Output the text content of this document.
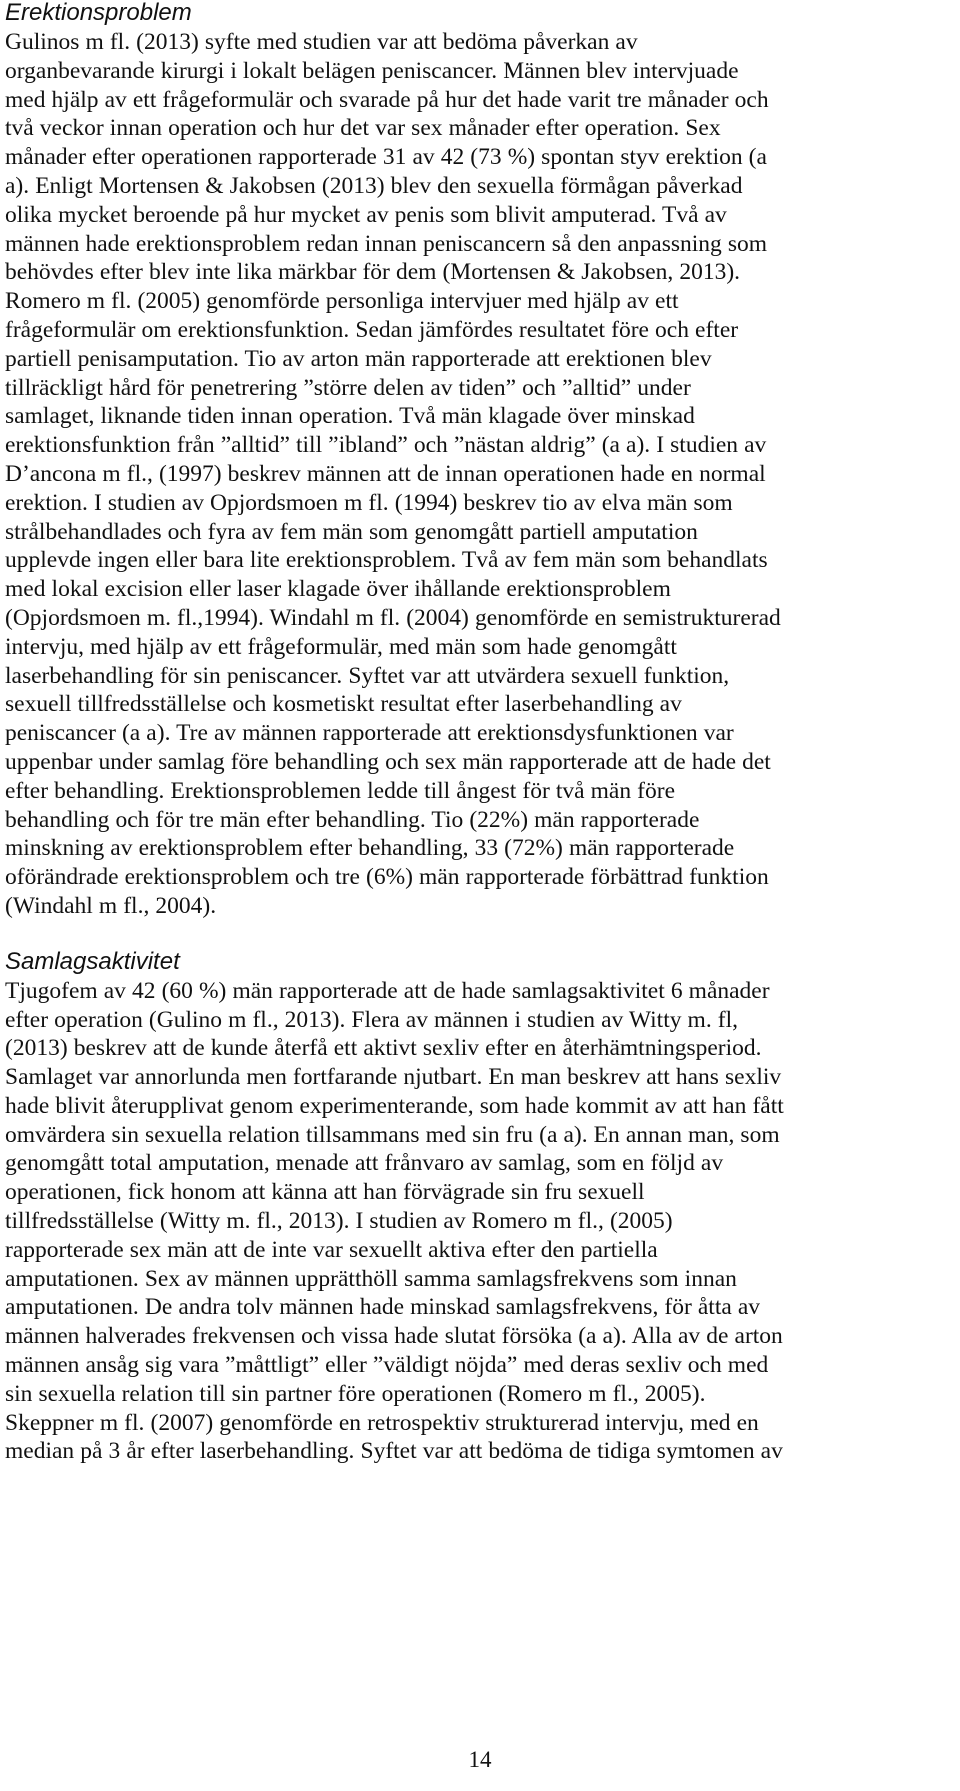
Erektionsproblem

Gulinos m fl. (2013) syfte med studien var att bedöma påverkan av
organbevarande kirurgi i lokalt belägen peniscancer. Männen blev intervjuade
med hjälp av ett frågeformulär och svarade på hur det hade varit tre månader och
två veckor innan operation och hur det var sex månader efter operation. Sex
månader efter operationen rapporterade 31 av 42 (73 %) spontan styv erektion (a
a). Enligt Mortensen & Jakobsen (2013) blev den sexuella förmågan påverkad
olika mycket beroende på hur mycket av penis som blivit amputerad. Två av
männen hade erektionsproblem redan innan peniscancern så den anpassning som
behövdes efter blev inte lika märkbar för dem (Mortensen & Jakobsen, 2013).
Romero m fl. (2005) genomförde personliga intervjuer med hjälp av ett
frågeformulär om erektionsfunktion. Sedan jämfördes resultatet före och efter
partiell penisamputation. Tio av arton män rapporterade att erektionen blev
tillräckligt hård för penetrering ”större delen av tiden” och ”alltid” under
samlaget, liknande tiden innan operation. Två män klagade över minskad
erektionsfunktion från ”alltid” till ”ibland” och ”nästan aldrig” (a a). I studien av
D’ancona m fl., (1997) beskrev männen att de innan operationen hade en normal
erektion. I studien av Opjordsmoen m fl. (1994) beskrev tio av elva män som
strålbehandlades och fyra av fem män som genomgått partiell amputation
upplevde ingen eller bara lite erektionsproblem. Två av fem män som behandlats
med lokal excision eller laser klagade över ihållande erektionsproblem
(Opjordsmoen m. fl.,1994). Windahl m fl. (2004) genomförde en semistrukturerad
intervju, med hjälp av ett frågeformulär, med män som hade genomgått
laserbehandling för sin peniscancer. Syftet var att utvärdera sexuell funktion,
sexuell tillfredsställelse och kosmetiskt resultat efter laserbehandling av
peniscancer (a a). Tre av männen rapporterade att erektionsdysfunktionen var
uppenbar under samlag före behandling och sex män rapporterade att de hade det
efter behandling. Erektionsproblemen ledde till ångest för två män före
behandling och för tre män efter behandling. Tio (22%) män rapporterade
minskning av erektionsproblem efter behandling, 33 (72%) män rapporterade
oförändrade erektionsproblem och tre (6%) män rapporterade förbättrad funktion
(Windahl m fl., 2004).

Samlagsaktivitet

Tjugofem av 42 (60 %) män rapporterade att de hade samlagsaktivitet 6 månader
efter operation (Gulino m fl., 2013). Flera av männen i studien av Witty m. fl,
(2013) beskrev att de kunde återfå ett aktivt sexliv efter en återhämtningsperiod.
Samlaget var annorlunda men fortfarande njutbart. En man beskrev att hans sexliv
hade blivit återupplivat genom experimenterande, som hade kommit av att han fått
omvärdera sin sexuella relation tillsammans med sin fru (a a). En annan man, som
genomgått total amputation, menade att frånvaro av samlag, som en följd av
operationen, fick honom att känna att han förvägrade sin fru sexuell
tillfredsställelse (Witty m. fl., 2013). I studien av Romero m fl., (2005)
rapporterade sex män att de inte var sexuellt aktiva efter den partiella
amputationen. Sex av männen upprätthöll samma samlagsfrekvens som innan
amputationen. De andra tolv männen hade minskad samlagsfrekvens, för åtta av
männen halverades frekvensen och vissa hade slutat försöka (a a). Alla av de arton
männen ansåg sig vara ”måttligt” eller ”väldigt nöjda” med deras sexliv och med
sin sexuella relation till sin partner före operationen (Romero m fl., 2005).
Skeppner m fl. (2007) genomförde en retrospektiv strukturerad intervju, med en
median på 3 år efter laserbehandling. Syftet var att bedöma de tidiga symtomen av

14
